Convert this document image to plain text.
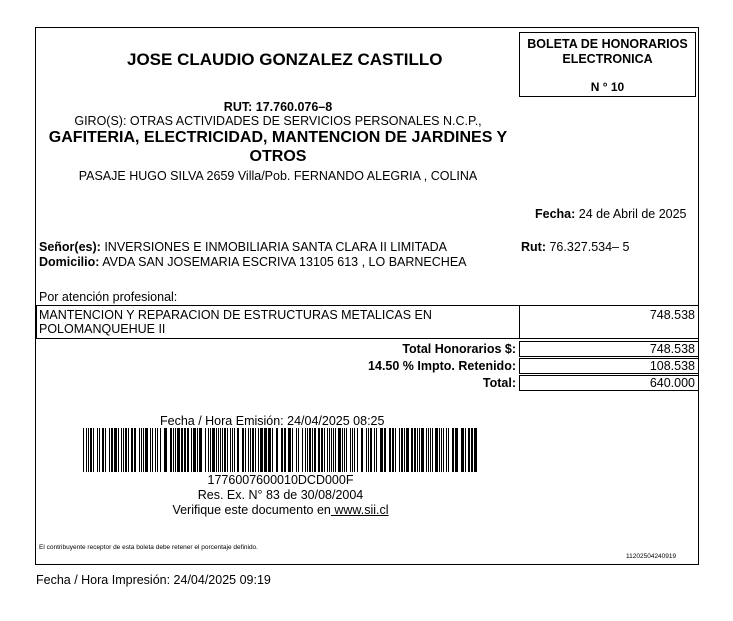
JOSE CLAUDIO GONZALEZ CASTILLO
BOLETA DE HONORARIOS
ELECTRONICA
N ° 10
RUT: 17.760.076–8
GIRO(S): OTRAS ACTIVIDADES DE SERVICIOS PERSONALES N.C.P.,
GAFITERIA, ELECTRICIDAD, MANTENCION DE JARDINES Y
OTROS
PASAJE HUGO SILVA 2659 Villa/Pob. FERNANDO ALEGRIA , COLINA
Fecha: 24 de Abril de 2025
Señor(es): INVERSIONES E INMOBILIARIA SANTA CLARA II LIMITADA	Rut: 76.327.534– 5
Domicilio: AVDA SAN JOSEMARIA ESCRIVA 13105 613 , LO BARNECHEA
Por atención profesional:
MANTENCION Y REPARACION DE ESTRUCTURAS METALICAS EN
POLOMANQUEHUE II
748.538
Total Honorarios $:	748.538
14.50 % Impto. Retenido:	108.538
Total:	640.000
Fecha / Hora Emisión: 24/04/2025 08:25
1776007600010DCD000F
Res. Ex. N° 83 de 30/08/2004
Verifique este documento en www.sii.cl
El contribuyente receptor de esta boleta debe retener el porcentaje definido.
11202504240919
Fecha / Hora Impresión: 24/04/2025 09:19
